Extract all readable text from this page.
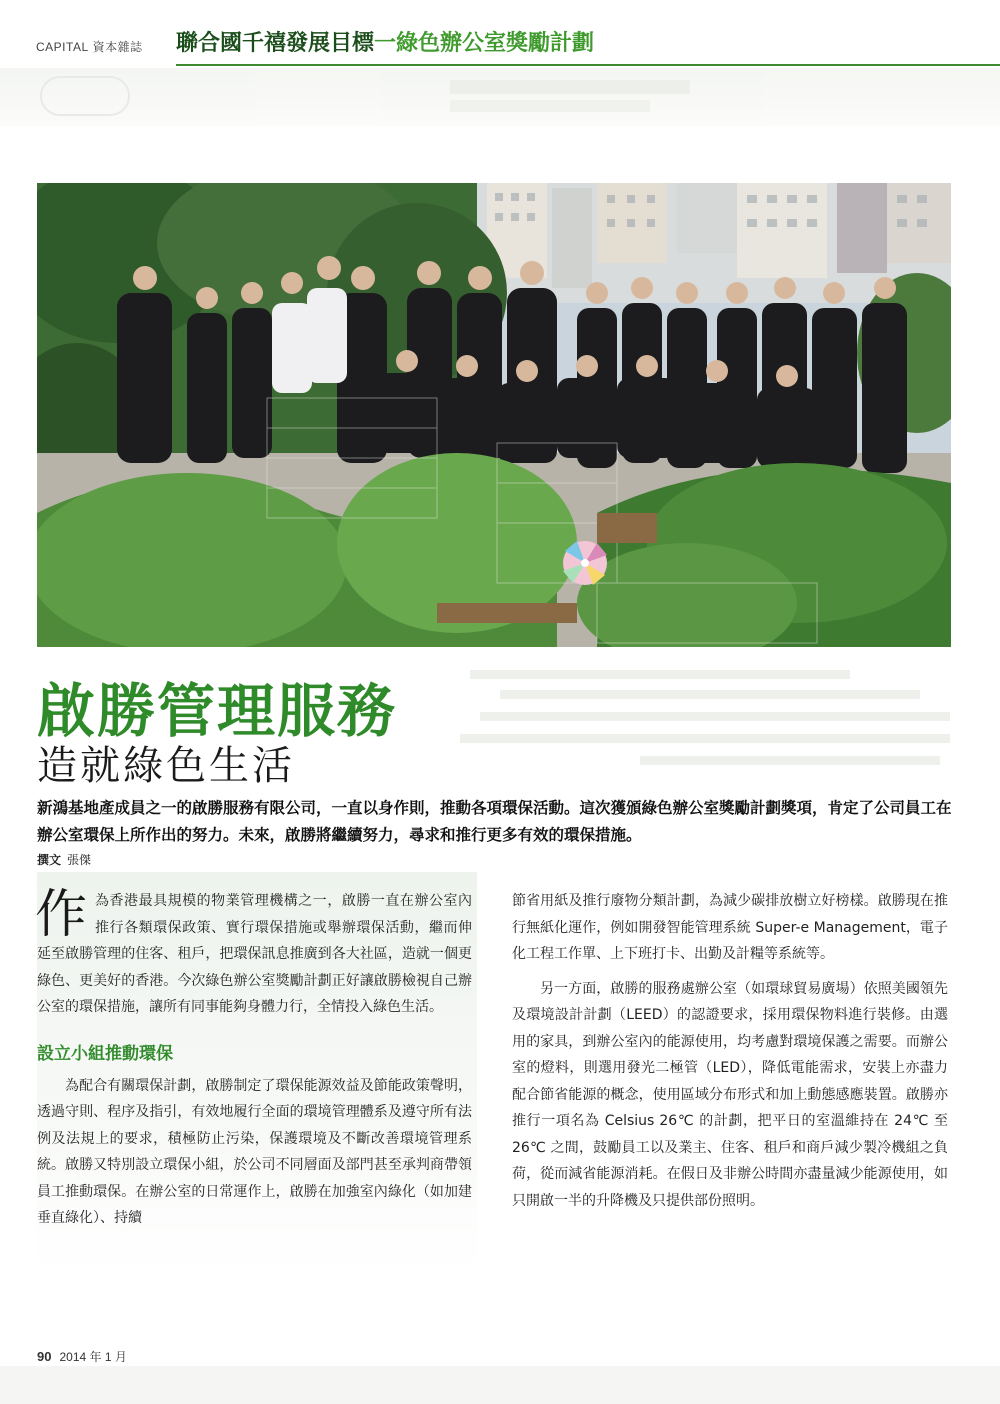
CAPITAL 資本雜誌 聯合國千禧發展目標一綠色辦公室獎勵計劃
啟勝管理服務
造就綠色生活
新鴻基地產成員之一的啟勝服務有限公司，一直以身作則，推動各項環保活動。這次獲頒綠色辦公室獎勵計劃獎項，肯定了公司員工在辦公室環保上所作出的努力。未來，啟勝將繼續努力，尋求和推行更多有效的環保措施。
撰文 張傑

作為香港最具規模的物業管理機構之一，啟勝一直在辦公室內推行各類環保政策、實行環保措施或舉辦環保活動，繼而伸延至啟勝管理的住客、租戶，把環保訊息推廣到各大社區，造就一個更綠色、更美好的香港。今次綠色辦公室獎勵計劃正好讓啟勝檢視自己辦公室的環保措施，讓所有同事能夠身體力行，全情投入綠色生活。

設立小組推動環保

為配合有關環保計劃，啟勝制定了環保能源效益及節能政策聲明，透過守則、程序及指引，有效地履行全面的環境管理體系及遵守所有法例及法規上的要求，積極防止污染，保護環境及不斷改善環境管理系統。啟勝又特別設立環保小組，於公司不同層面及部門甚至承判商帶領員工推動環保。在辦公室的日常運作上，啟勝在加強室內綠化（如加建垂直綠化）、持續

節省用紙及推行廢物分類計劃，為減少碳排放樹立好榜樣。啟勝現在推行無紙化運作，例如開發智能管理系統 Super-e Management，電子化工程工作單、上下班打卡、出勤及計糧等系統等。

另一方面，啟勝的服務處辦公室（如環球貿易廣場）依照美國領先及環境設計計劃（LEED）的認證要求，採用環保物料進行裝修。由選用的家具，到辦公室內的能源使用，均考慮對環境保護之需要。而辦公室的燈料，則選用發光二極管（LED），降低電能需求，安裝上亦盡力配合節省能源的概念，使用區域分布形式和加上動態感應裝置。啟勝亦推行一項名為 Celsius 26℃ 的計劃，把平日的室溫維持在 24℃ 至 26℃ 之間，鼓勵員工以及業主、住客、租戶和商戶減少製冷機組之負荷，從而減省能源消耗。在假日及非辦公時間亦盡量減少能源使用，如只開啟一半的升降機及只提供部份照明。

90 2014 年 1 月
